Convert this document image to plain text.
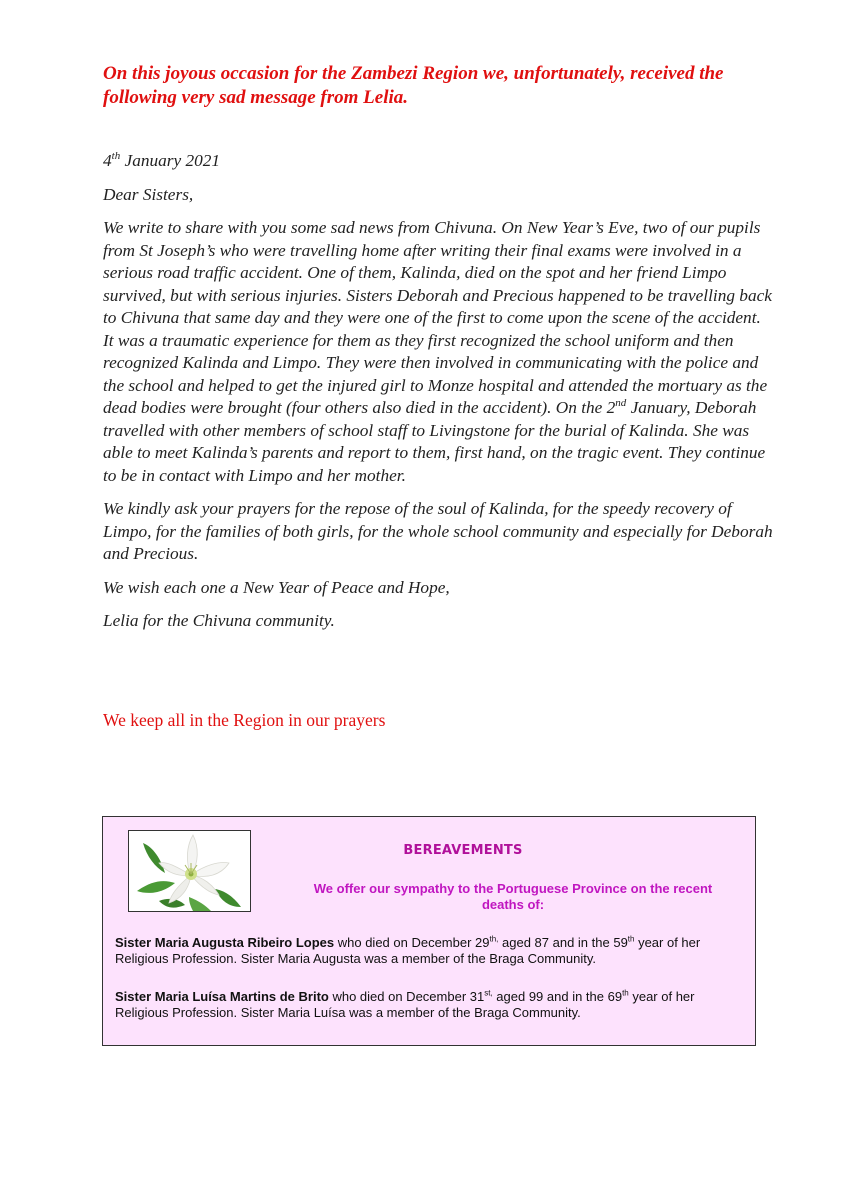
On this joyous occasion for the Zambezi Region we, unfortunately, received the following very sad message from Lelia.

4th January 2021

Dear Sisters,

We write to share with you some sad news from Chivuna. On New Year’s Eve, two of our pupils from St Joseph’s who were travelling home after writing their final exams were involved in a serious road traffic accident. One of them, Kalinda, died on the spot and her friend Limpo survived, but with serious injuries. Sisters Deborah and Precious happened to be travelling back to Chivuna that same day and they were one of the first to come upon the scene of the accident. It was a traumatic experience for them as they first recognized the school uniform and then recognized Kalinda and Limpo. They were then involved in communicating with the police and the school and helped to get the injured girl to Monze hospital and attended the mortuary as the dead bodies were brought (four others also died in the accident). On the 2nd January, Deborah travelled with other members of school staff to Livingstone for the burial of Kalinda. She was able to meet Kalinda’s parents and report to them, first hand, on the tragic event. They continue to be in contact with Limpo and her mother.

We kindly ask your prayers for the repose of the soul of Kalinda, for the speedy recovery of Limpo, for the families of both girls, for the whole school community and especially for Deborah and Precious.

We wish each one a New Year of Peace and Hope,

Lelia for the Chivuna community.

We keep all in the Region in our prayers

BEREAVEMENTS

We offer our sympathy to the Portuguese Province on the recent deaths of:

Sister Maria Augusta Ribeiro Lopes who died on December $29^{th,}$ aged 87 and in the 59th year of her Religious Profession. Sister Maria Augusta was a member of the Braga Community.

Sister Maria Luísa Martins de Brito who died on December $31^{st,}$ aged 99 and in the 69th year of her Religious Profession. Sister Maria Luísa was a member of the Braga Community.
